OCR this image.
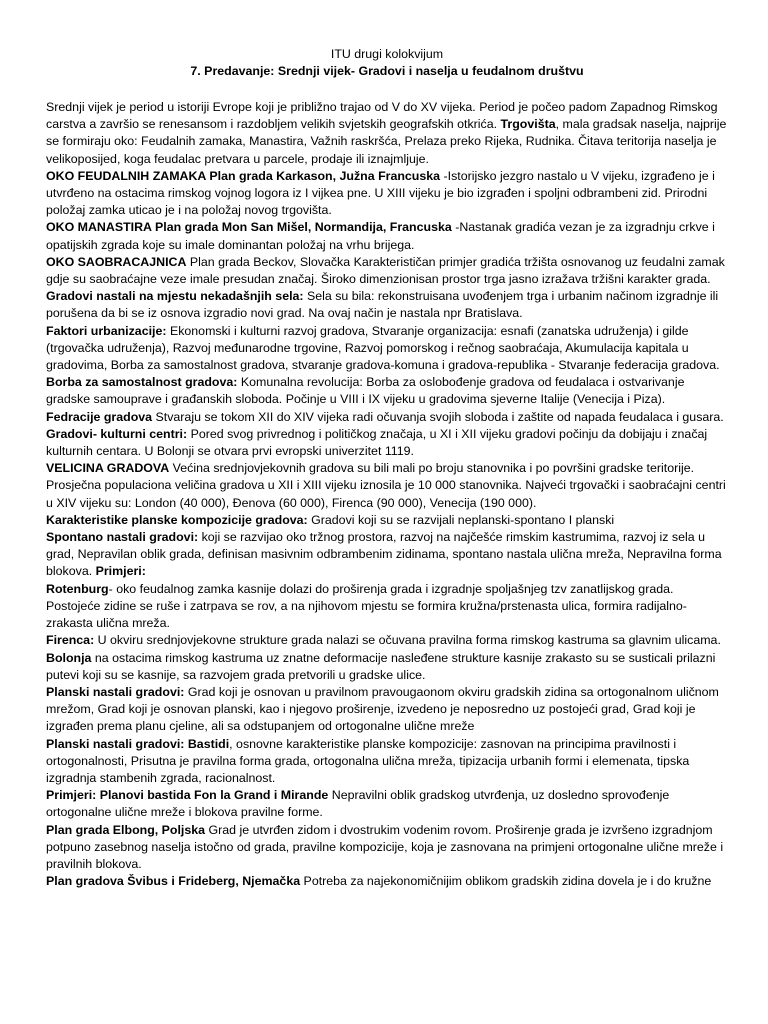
ITU drugi kolokvijum
7. Predavanje: Srednji vijek- Gradovi i naselja u feudalnom društvu

Srednji vijek je period u istoriji Evrope koji je približno trajao od V do XV vijeka. Period je počeo padom Zapadnog Rimskog carstva a završio se renesansom i razdobljem velikih svjetskih geografskih otkrića. Trgovišta, mala gradsak naselja, najprije se formiraju oko: Feudalnih zamaka, Manastira, Važnih raskršća, Prelaza preko Rijeka, Rudnika. Čitava teritorija naselja je velikoposijed, koga feudalac pretvara u parcele, prodaje ili iznajmljuje.

OKO FEUDALNIH ZAMAKA Plan grada Karkason, Južna Francuska -Istorijsko jezgro nastalo u V vijeku, izgrađeno je i utvrđeno na ostacima rimskog vojnog logora iz I vijkea pne. U XIII vijeku je bio izgrađen i spoljni odbrambeni zid. Prirodni položaj zamka uticao je i na položaj novog trgovišta.

OKO MANASTIRA Plan grada Mon San Mišel, Normandija, Francuska -Nastanak gradića vezan je za izgradnju crkve i opatijskih zgrada koje su imale dominantan položaj na vrhu brijega.

OKO SAOBRACAJNICA Plan grada Beckov, Slovačka Karakterističan primjer gradića tržišta osnovanog uz feudalni zamak gdje su saobraćajne veze imale presudan značaj. Široko dimenzionisan prostor trga jasno izražava tržišni karakter grada.

Gradovi nastali na mjestu nekadašnjih sela: Sela su bila: rekonstruisana uvođenjem trga i urbanim načinom izgradnje ili porušena da bi se iz osnova izgradio novi grad. Na ovaj način je nastala npr Bratislava.

Faktori urbanizacije: Ekonomski i kulturni razvoj gradova, Stvaranje organizacija: esnafi (zanatska udruženja) i gilde (trgovačka udruženja), Razvoj međunarodne trgovine, Razvoj pomorskog i rečnog saobraćaja, Akumulacija kapitala u gradovima, Borba za samostalnost gradova, stvaranje gradova-komuna i gradova-republika - Stvaranje federacija gradova.

Borba za samostalnost gradova: Komunalna revolucija: Borba za oslobođenje gradova od feudalaca i ostvarivanje gradske samouprave i građanskih sloboda. Počinje u VIII i IX vijeku u gradovima sjeverne Italije (Venecija i Piza).

Fedracije gradova Stvaraju se tokom XII do XIV vijeka radi očuvanja svojih sloboda i zaštite od napada feudalaca i gusara.

Gradovi- kulturni centri: Pored svog privrednog i političkog značaja, u XI i XII vijeku gradovi počinju da dobijaju i značaj kulturnih centara. U Bolonji se otvara prvi evropski univerzitet 1119.

VELICINA GRADOVA Većina srednjovjekovnih gradova su bili mali po broju stanovnika i po površini gradske teritorije. Prosječna populaciona veličina gradova u XII i XIII vijeku iznosila je 10 000 stanovnika. Najveći trgovački i saobraćajni centri u XIV vijeku su: London (40 000), Đenova (60 000), Firenca (90 000), Venecija (190 000).

Karakteristike planske kompozicije gradova: Gradovi koji su se razvijali neplanski-spontano I planski

Spontano nastali gradovi: koji se razvijao oko tržnog prostora, razvoj na najčešće rimskim kastrumima, razvoj iz sela u grad, Nepravilan oblik grada, definisan masivnim odbrambenim zidinama, spontano nastala ulična mreža, Nepravilna forma blokova. Primjeri:

Rotenburg- oko feudalnog zamka kasnije dolazi do proširenja grada i izgradnje spoljašnjeg tzv zanatlijskog grada. Postojeće zidine se ruše i zatrpava se rov, a na njihovom mjestu se formira kružna/prstenasta ulica, formira radijalno-zrakasta ulična mreža.

Firenca: U okviru srednjovjekovne strukture grada nalazi se očuvana pravilna forma rimskog kastruma sa glavnim ulicama. Bolonja na ostacima rimskog kastruma uz znatne deformacije nasleđene strukture kasnije zrakasto su se susticali prilazni putevi koji su se kasnije, sa razvojem grada pretvorili u gradske ulice.

Planski nastali gradovi: Grad koji je osnovan u pravilnom pravougaonom okviru gradskih zidina sa ortogonalnom uličnom mrežom, Grad koji je osnovan planski, kao i njegovo proširenje, izvedeno je neposredno uz postojeći grad, Grad koji je izgrađen prema planu cjeline, ali sa odstupanjem od ortogonalne ulične mreže

Planski nastali gradovi: Bastidi, osnovne karakteristike planske kompozicije: zasnovan na principima pravilnosti i ortogonalnosti, Prisutna je pravilna forma grada, ortogonalna ulična mreža, tipizacija urbanih formi i elemenata, tipska izgradnja stambenih zgrada, racionalnost.

Primjeri: Planovi bastida Fon la Grand i Mirande Nepravilni oblik gradskog utvrđenja, uz dosledno sprovođenje ortogonalne ulične mreže i blokova pravilne forme.

Plan grada Elbong, Poljska Grad je utvrđen zidom i dvostrukim vodenim rovom. Proširenje grada je izvršeno izgradnjom potpuno zasebnog naselja istočno od grada, pravilne kompozicije, koja je zasnovana na primjeni ortogonalne ulične mreže i pravilnih blokova.

Plan gradova Švibus i Frideberg, Njemačka Potreba za najekonomičnijim oblikom gradskih zidina dovela je i do kružne
